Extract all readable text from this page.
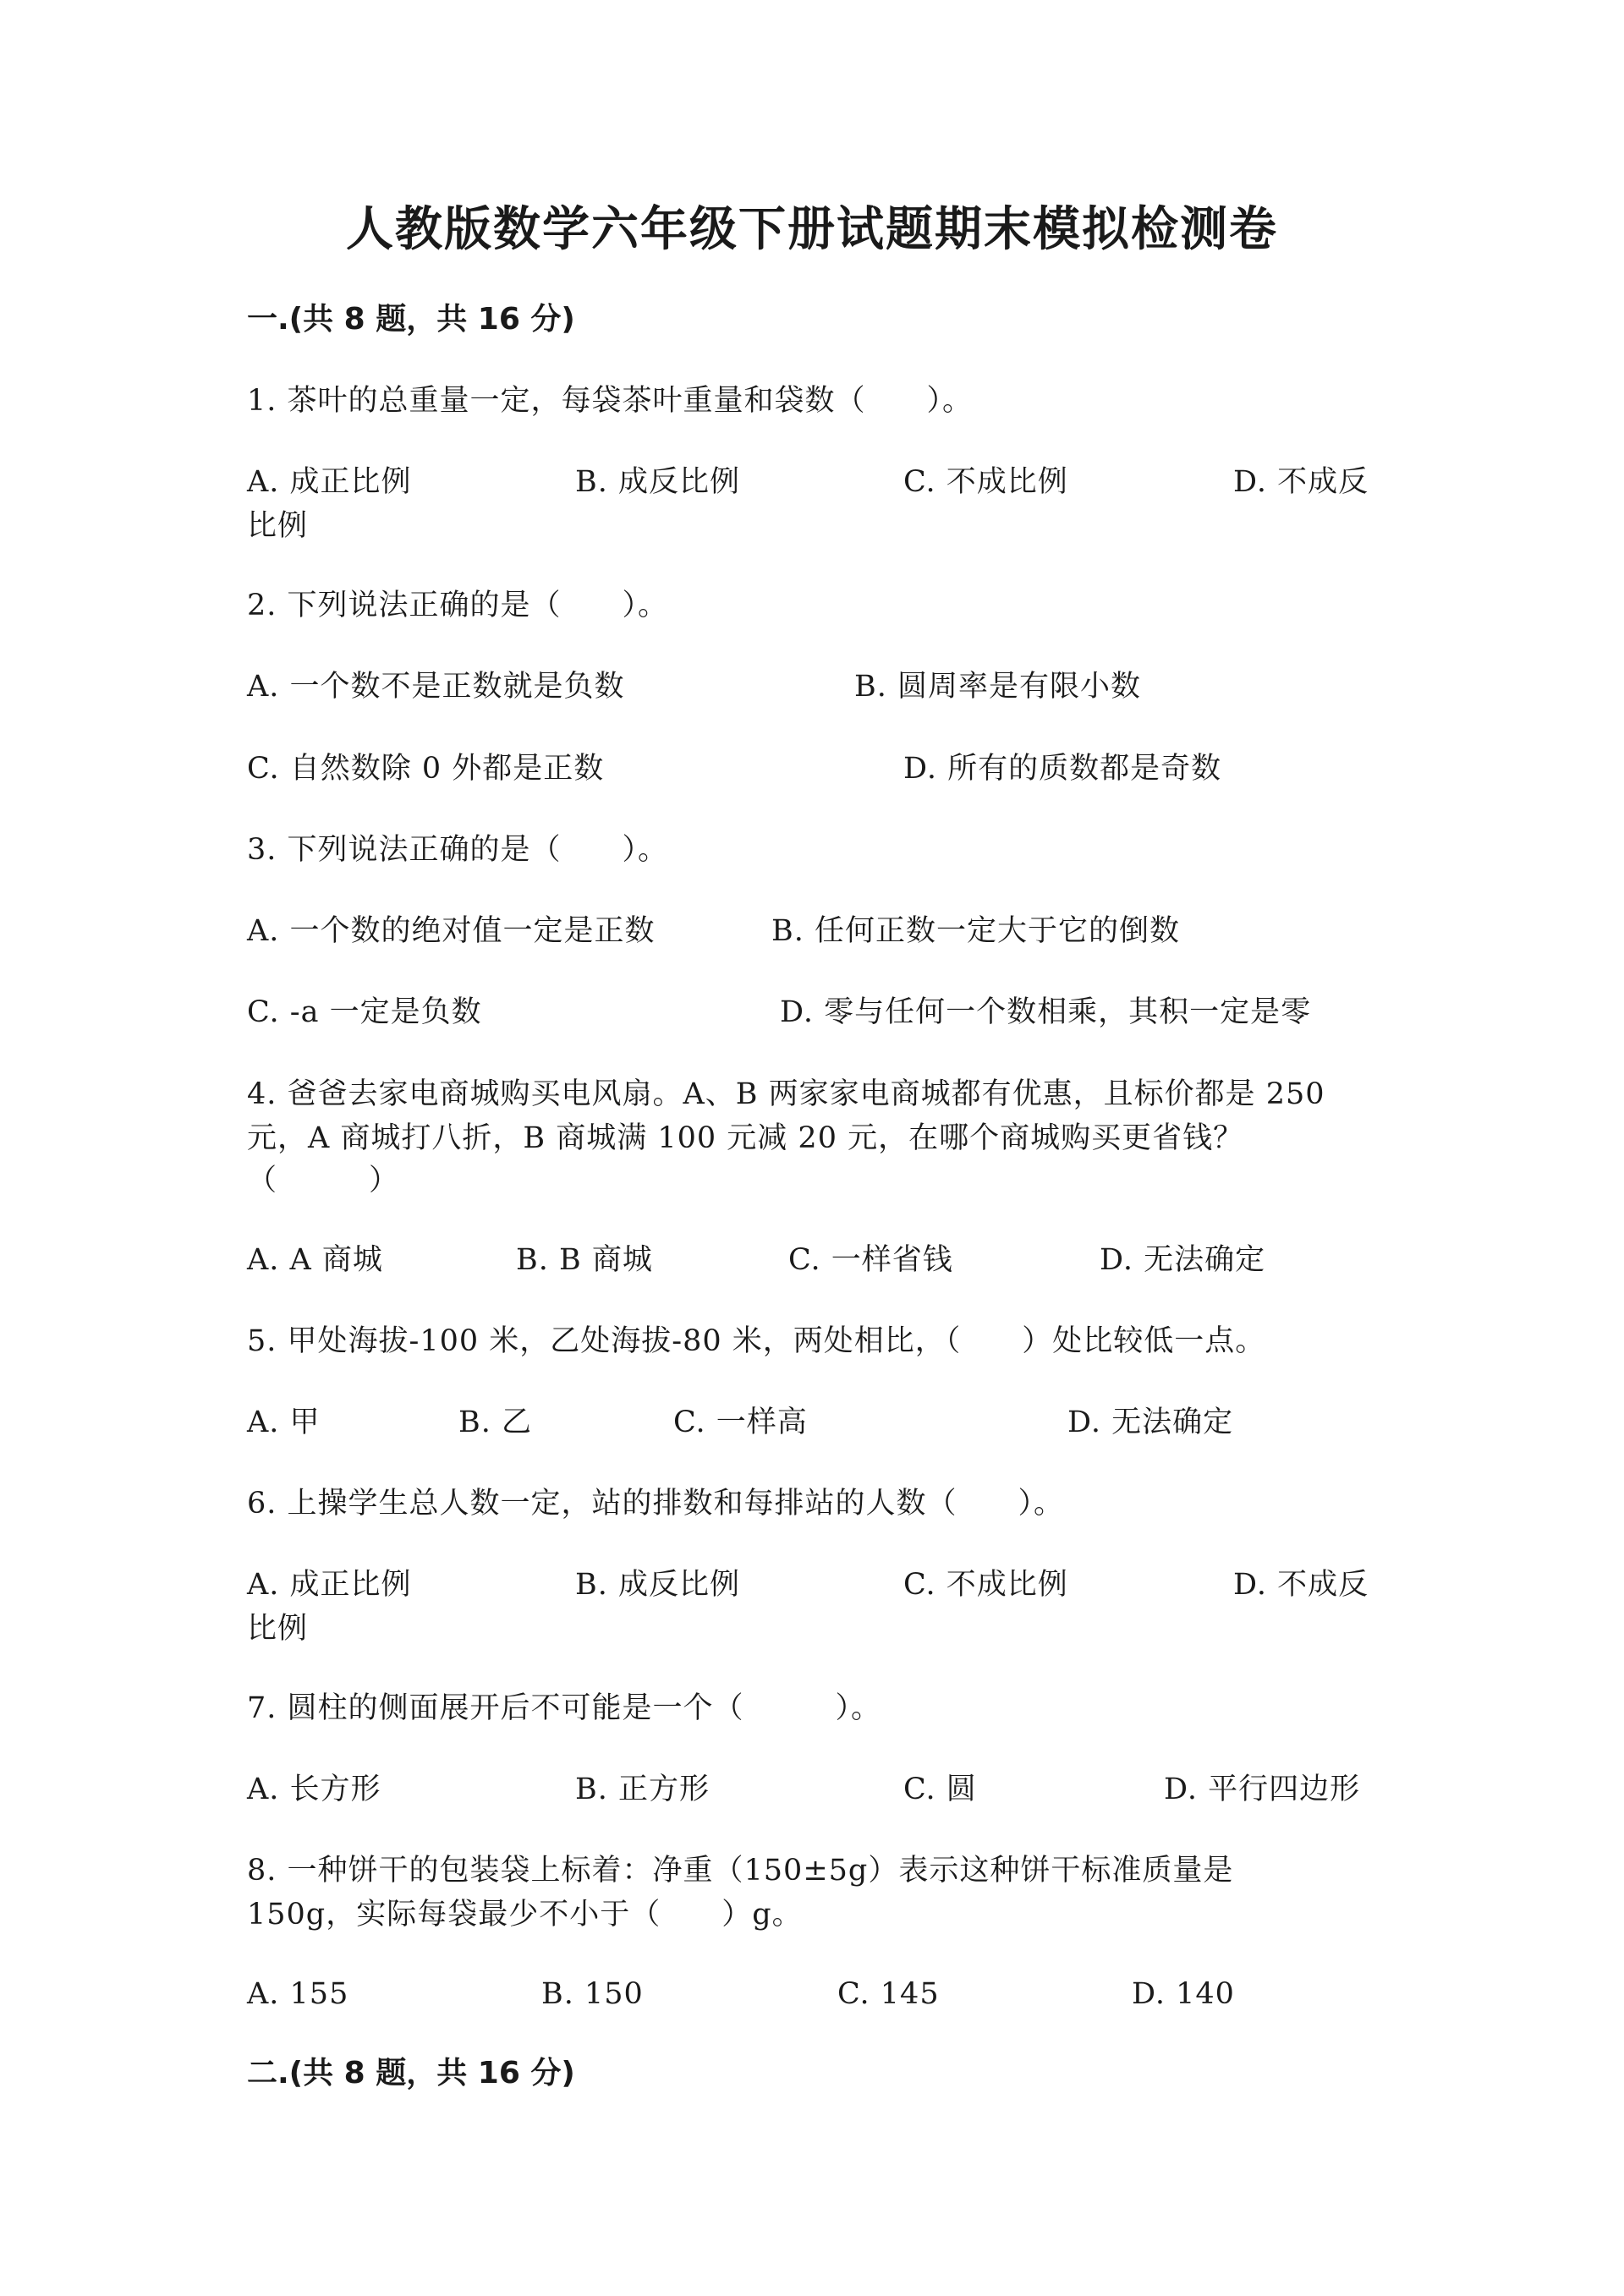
人教版数学六年级下册试题期末模拟检测卷
一.(共 8 题，共 16 分)
1. 茶叶的总重量一定，每袋茶叶重量和袋数（　　）。
A. 成正比例	B. 成反比例	C. 不成比例	D. 不成反
比例
2. 下列说法正确的是（　　）。
A. 一个数不是正数就是负数	B. 圆周率是有限小数
C. 自然数除 0 外都是正数	D. 所有的质数都是奇数
3. 下列说法正确的是（　　）。
A. 一个数的绝对值一定是正数	B. 任何正数一定大于它的倒数
C. -a 一定是负数	D. 零与任何一个数相乘，其积一定是零
4. 爸爸去家电商城购买电风扇。A、B 两家家电商城都有优惠，且标价都是 250
元，A 商城打八折，B 商城满 100 元减 20 元，在哪个商城购买更省钱？
（　　　）
A. A 商城	B. B 商城	C. 一样省钱	D. 无法确定
5. 甲处海拔-100 米，乙处海拔-80 米，两处相比，（　　）处比较低一点。
A. 甲	B. 乙	C. 一样高	D. 无法确定
6. 上操学生总人数一定，站的排数和每排站的人数（　　）。
A. 成正比例	B. 成反比例	C. 不成比例	D. 不成反
比例
7. 圆柱的侧面展开后不可能是一个（　　　）。
A. 长方形	B. 正方形	C. 圆	D. 平行四边形
8. 一种饼干的包装袋上标着：净重（150±5g）表示这种饼干标准质量是
150g，实际每袋最少不小于（　　）g。
A. 155	B. 150	C. 145	D. 140
二.(共 8 题，共 16 分)
